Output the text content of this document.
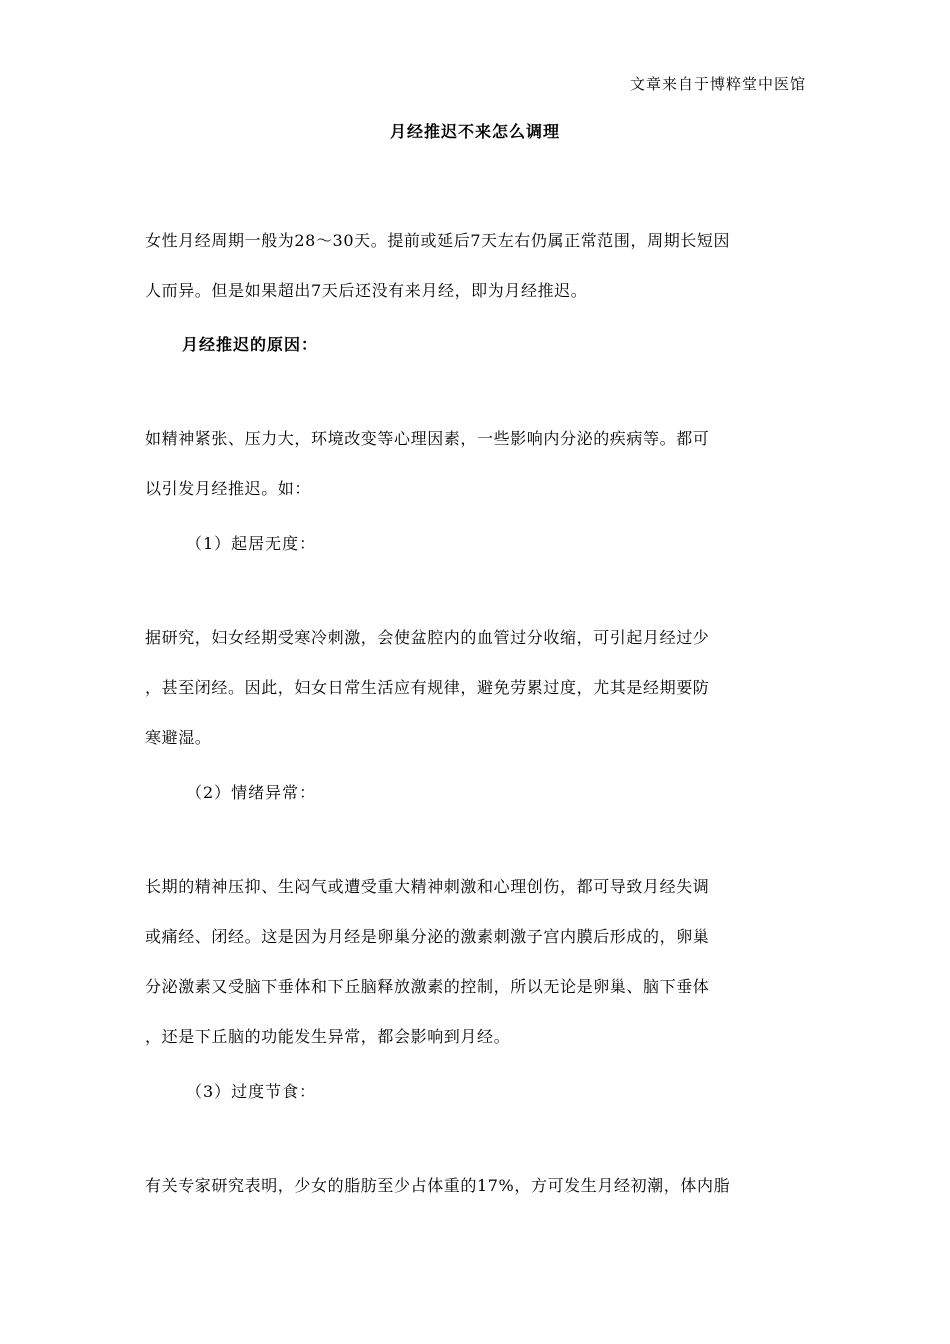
文章来自于博粹堂中医馆
月经推迟不来怎么调理
女性月经周期一般为28～30天。提前或延后7天左右仍属正常范围，周期长短因
人而异。但是如果超出7天后还没有来月经，即为月经推迟。
月经推迟的原因：
如精神紧张、压力大，环境改变等心理因素，一些影响内分泌的疾病等。都可
以引发月经推迟。如：
（1）起居无度：
据研究，妇女经期受寒冷刺激，会使盆腔内的血管过分收缩，可引起月经过少
，甚至闭经。因此，妇女日常生活应有规律，避免劳累过度，尤其是经期要防
寒避湿。
（2）情绪异常：
长期的精神压抑、生闷气或遭受重大精神刺激和心理创伤，都可导致月经失调
或痛经、闭经。这是因为月经是卵巢分泌的激素刺激子宫内膜后形成的，卵巢
分泌激素又受脑下垂体和下丘脑释放激素的控制，所以无论是卵巢、脑下垂体
，还是下丘脑的功能发生异常，都会影响到月经。
（3）过度节食：
有关专家研究表明，少女的脂肪至少占体重的17%，方可发生月经初潮，体内脂
